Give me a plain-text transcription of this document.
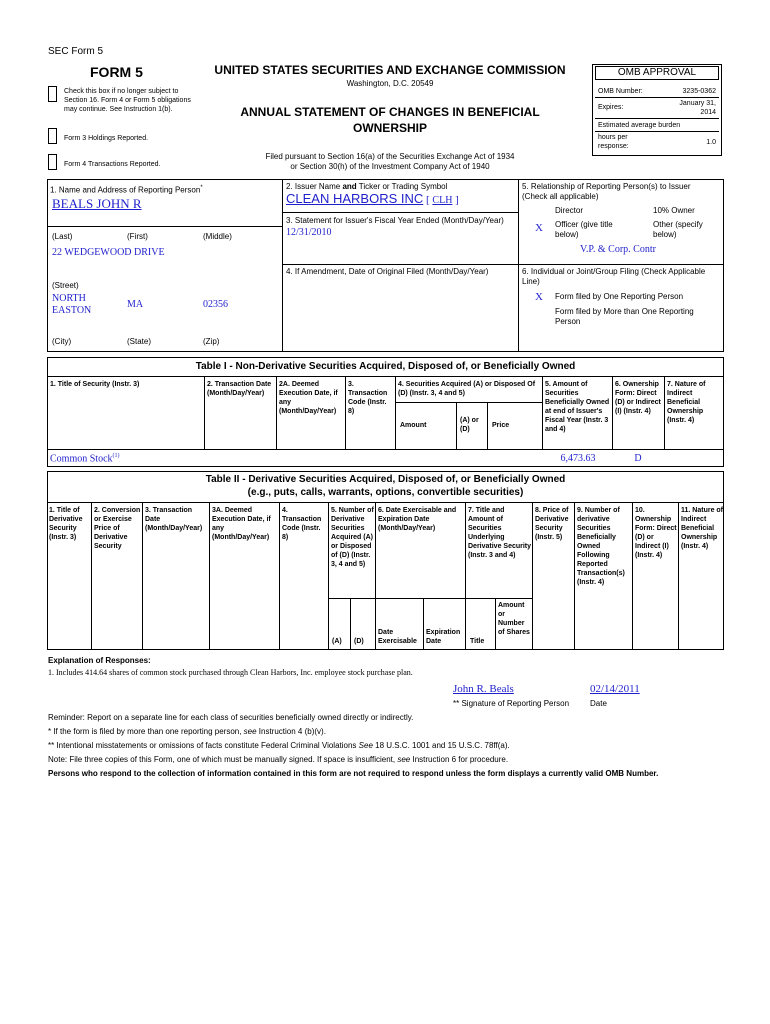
SEC Form 5
FORM 5
Check this box if no longer subject to Section 16. Form 4 or Form 5 obligations may continue. See Instruction 1(b).
Form 3 Holdings Reported.
Form 4 Transactions Reported.
UNITED STATES SECURITIES AND EXCHANGE COMMISSION
Washington, D.C. 20549
ANNUAL STATEMENT OF CHANGES IN BENEFICIAL OWNERSHIP
Filed pursuant to Section 16(a) of the Securities Exchange Act of 1934
or Section 30(h) of the Investment Company Act of 1940
OMB APPROVAL
OMB Number:	3235-0362
Expires:
January 31, 2014
Estimated average burden
hours per response:
1.0
1. Name and Address of Reporting Person*
BEALS JOHN R
(Last)	(First)	(Middle)
22 WEDGEWOOD DRIVE
(Street)
NORTH EASTON
MA	02356
(City)	(State)	(Zip)
2. Issuer Name and Ticker or Trading Symbol
CLEAN HARBORS INC [ CLH ]
3. Statement for Issuer's Fiscal Year Ended (Month/Day/Year)
12/31/2010
4. If Amendment, Date of Original Filed (Month/Day/Year)
5. Relationship of Reporting Person(s) to Issuer (Check all applicable)
Director	10% Owner
X Officer (give title below)
Other (specify below)
V.P. & Corp. Contr
6. Individual or Joint/Group Filing (Check Applicable Line)
X Form filed by One Reporting Person
Form filed by More than One Reporting Person
Table I - Non-Derivative Securities Acquired, Disposed of, or Beneficially Owned
1. Title of Security (Instr. 3)	2. Transaction Date (Month/Day/Year)
2A. Deemed Execution Date, if any (Month/Day/Year)
3. Transaction Code (Instr. 8)
4. Securities Acquired (A) or Disposed Of (D) (Instr. 3, 4 and 5)
Amount
(A) or (D)
Price
5. Amount of Securities Beneficially Owned at end of Issuer's Fiscal Year (Instr. 3 and 4)
6. Ownership Form: Direct (D) or Indirect (I) (Instr. 4)
7. Nature of Indirect Beneficial Ownership (Instr. 4)
Common Stock$^{(1)}$	6,473.63	D
Table II - Derivative Securities Acquired, Disposed of, or Beneficially Owned
(e.g., puts, calls, warrants, options, convertible securities)
1. Title of Derivative Security (Instr. 3)
2. Conversion or Exercise Price of Derivative Security
3. Transaction Date (Month/Day/Year)
3A. Deemed Execution Date, if any (Month/Day/Year)
4. Transaction Code (Instr. 8)
5. Number of Derivative Securities Acquired (A) or Disposed of (D) (Instr. 3, 4 and 5)
(A) (D)
6. Date Exercisable and Expiration Date (Month/Day/Year)
Date Exercisable
Expiration Date
7. Title and Amount of Securities Underlying Derivative Security (Instr. 3 and 4)
Title
Amount or Number of Shares
8. Price of Derivative Security (Instr. 5)
9. Number of derivative Securities Beneficially Owned Following Reported Transaction(s) (Instr. 4)
10. Ownership Form: Direct (D) or Indirect (I) (Instr. 4)
11. Nature of Indirect Beneficial Ownership (Instr. 4)
Explanation of Responses:
1. Includes 414.64 shares of common stock purchased through Clean Harbors, Inc. employee stock purchase plan.
John R. Beals	02/14/2011
** Signature of Reporting Person	Date
Reminder: Report on a separate line for each class of securities beneficially owned directly or indirectly.
* If the form is filed by more than one reporting person, see Instruction 4 (b)(v).
** Intentional misstatements or omissions of facts constitute Federal Criminal Violations See 18 U.S.C. 1001 and 15 U.S.C. 78ff(a).
Note: File three copies of this Form, one of which must be manually signed. If space is insufficient, see Instruction 6 for procedure.
Persons who respond to the collection of information contained in this form are not required to respond unless the form displays a currently valid OMB Number.
